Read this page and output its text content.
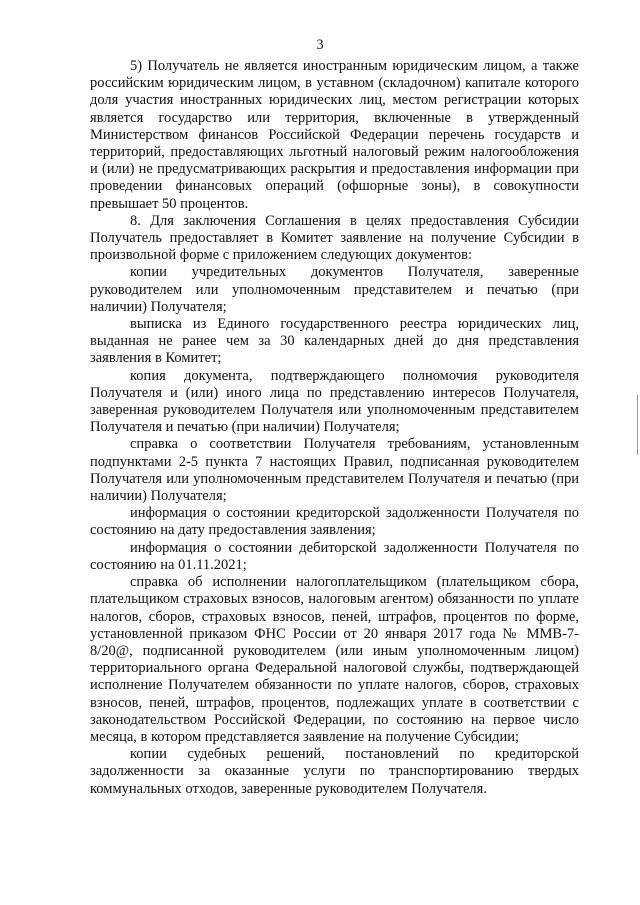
3

5) Получатель не является иностранным юридическим лицом, а также российским юридическим лицом, в уставном (складочном) капитале которого доля участия иностранных юридических лиц, местом регистрации которых является государство или территория, включенные в утвержденный Министерством финансов Российской Федерации перечень государств и территорий, предоставляющих льготный налоговый режим налогообложения и (или) не предусматривающих раскрытия и предоставления информации при проведении финансовых операций (офшорные зоны), в совокупности превышает 50 процентов.

8. Для заключения Соглашения в целях предоставления Субсидии Получатель предоставляет в Комитет заявление на получение Субсидии в произвольной форме с приложением следующих документов:

копии учредительных документов Получателя, заверенные руководителем или уполномоченным представителем и печатью (при наличии) Получателя;

выписка из Единого государственного реестра юридических лиц, выданная не ранее чем за 30 календарных дней до дня представления заявления в Комитет;

копия документа, подтверждающего полномочия руководителя Получателя и (или) иного лица по представлению интересов Получателя, заверенная руководителем Получателя или уполномоченным представителем Получателя и печатью (при наличии) Получателя;

справка о соответствии Получателя требованиям, установленным подпунктами 2-5 пункта 7 настоящих Правил, подписанная руководителем Получателя или уполномоченным представителем Получателя и печатью (при наличии) Получателя;

информация о состоянии кредиторской задолженности Получателя по состоянию на дату предоставления заявления;

информация о состоянии дебиторской задолженности Получателя по состоянию на 01.11.2021;

справка об исполнении налогоплательщиком (плательщиком сбора, плательщиком страховых взносов, налоговым агентом) обязанности по уплате налогов, сборов, страховых взносов, пеней, штрафов, процентов по форме, установленной приказом ФНС России от 20 января 2017 года № ММВ-7-8/20@, подписанной руководителем (или иным уполномоченным лицом) территориального органа Федеральной налоговой службы, подтверждающей исполнение Получателем обязанности по уплате налогов, сборов, страховых взносов, пеней, штрафов, процентов, подлежащих уплате в соответствии с законодательством Российской Федерации, по состоянию на первое число месяца, в котором представляется заявление на получение Субсидии;

копии судебных решений, постановлений по кредиторской задолженности за оказанные услуги по транспортированию твердых коммунальных отходов, заверенные руководителем Получателя.
